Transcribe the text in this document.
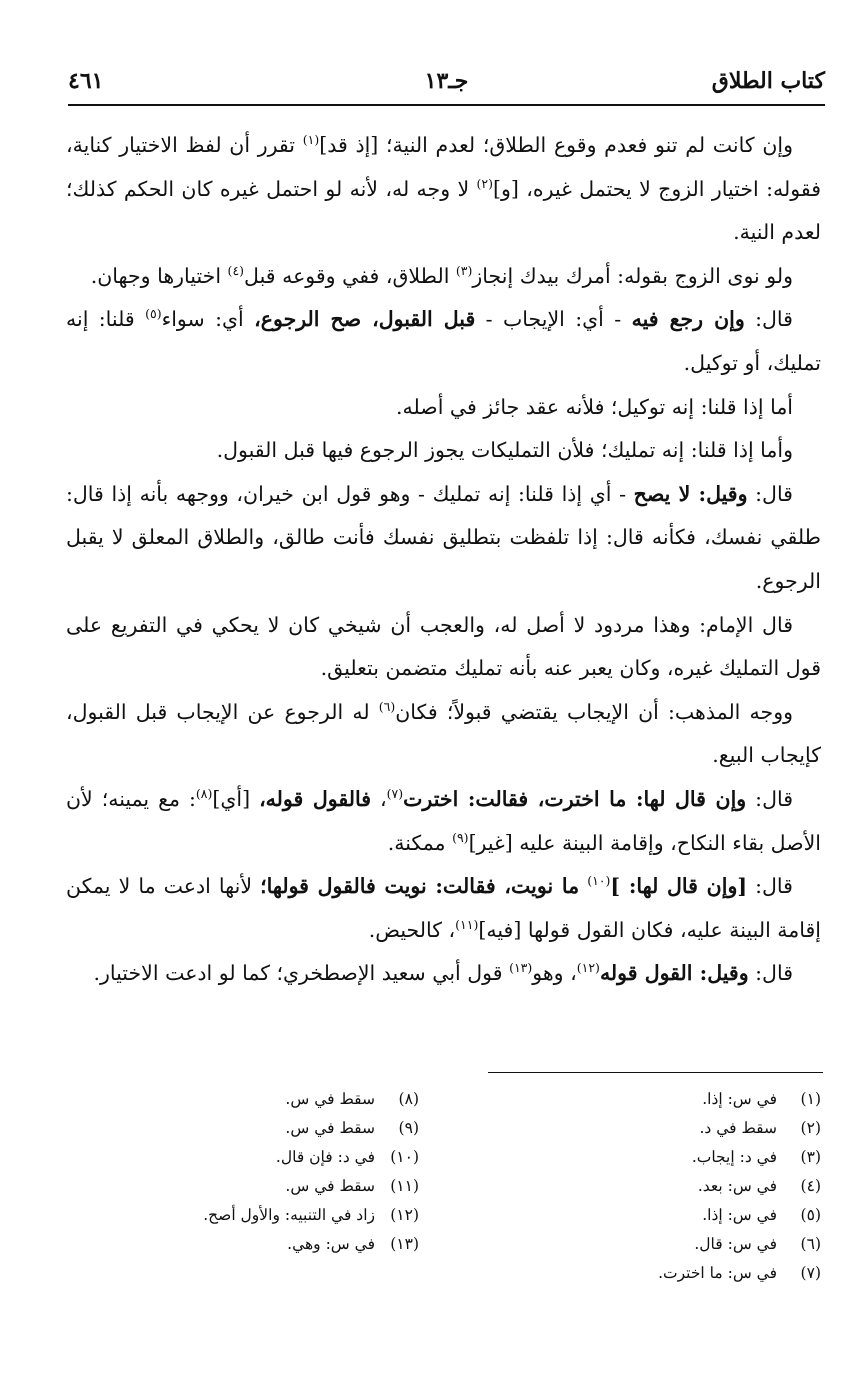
كتاب الطلاق
جـ١٣
٤٦١

وإن كانت لم تنو فعدم وقوع الطلاق؛ لعدم النية؛ [إذ قد]$^{(١)}$ تقرر أن لفظ الاختيار كناية، فقوله: اختيار الزوج لا يحتمل غيره، [و]$^{(٢)}$ لا وجه له، لأنه لو احتمل غيره كان الحكم كذلك؛ لعدم النية.

ولو نوى الزوج بقوله: أمرك بيدك إنجاز$^{(٣)}$ الطلاق، ففي وقوعه قبل$^{(٤)}$ اختيارها وجهان.

قال: وإن رجع فيه - أي: الإيجاب - قبل القبول، صح الرجوع، أي: سواء$^{(٥)}$ قلنا: إنه تمليك، أو توكيل.

أما إذا قلنا: إنه توكيل؛ فلأنه عقد جائز في أصله.

وأما إذا قلنا: إنه تمليك؛ فلأن التمليكات يجوز الرجوع فيها قبل القبول.

قال: وقيل: لا يصح - أي إذا قلنا: إنه تمليك - وهو قول ابن خيران، ووجهه بأنه إذا قال: طلقي نفسك، فكأنه قال: إذا تلفظت بتطليق نفسك فأنت طالق، والطلاق المعلق لا يقبل الرجوع.

قال الإمام: وهذا مردود لا أصل له، والعجب أن شيخي كان لا يحكي في التفريع على قول التمليك غيره، وكان يعبر عنه بأنه تمليك متضمن بتعليق.

ووجه المذهب: أن الإيجاب يقتضي قبولاً؛ فكان$^{(٦)}$ له الرجوع عن الإيجاب قبل القبول، كإيجاب البيع.

قال: وإن قال لها: ما اخترت، فقالت: اخترت$^{(٧)}$، فالقول قوله، [أي]$^{(٨)}$: مع يمينه؛ لأن الأصل بقاء النكاح، وإقامة البينة عليه [غير]$^{(٩)}$ ممكنة.

قال: [وإن قال لها: ]$^{(١٠)}$ ما نويت، فقالت: نويت فالقول قولها؛ لأنها ادعت ما لا يمكن إقامة البينة عليه، فكان القول قولها [فيه]$^{(١١)}$، كالحيض.

قال: وقيل: القول قوله$^{(١٢)}$، وهو$^{(١٣)}$ قول أبي سعيد الإصطخري؛ كما لو ادعت الاختيار.

(١)في س: إذا.
(٢)سقط في د.
(٣)في د: إيجاب.
(٤)في س: بعد.
(٥)في س: إذا.
(٦)في س: قال.
(٧)في س: ما اخترت.
(٨)سقط في س.
(٩)سقط في س.
(١٠)في د: فإن قال.
(١١)سقط في س.
(١٢)زاد في التنبيه: والأول أصح.
(١٣)في س: وهي.
